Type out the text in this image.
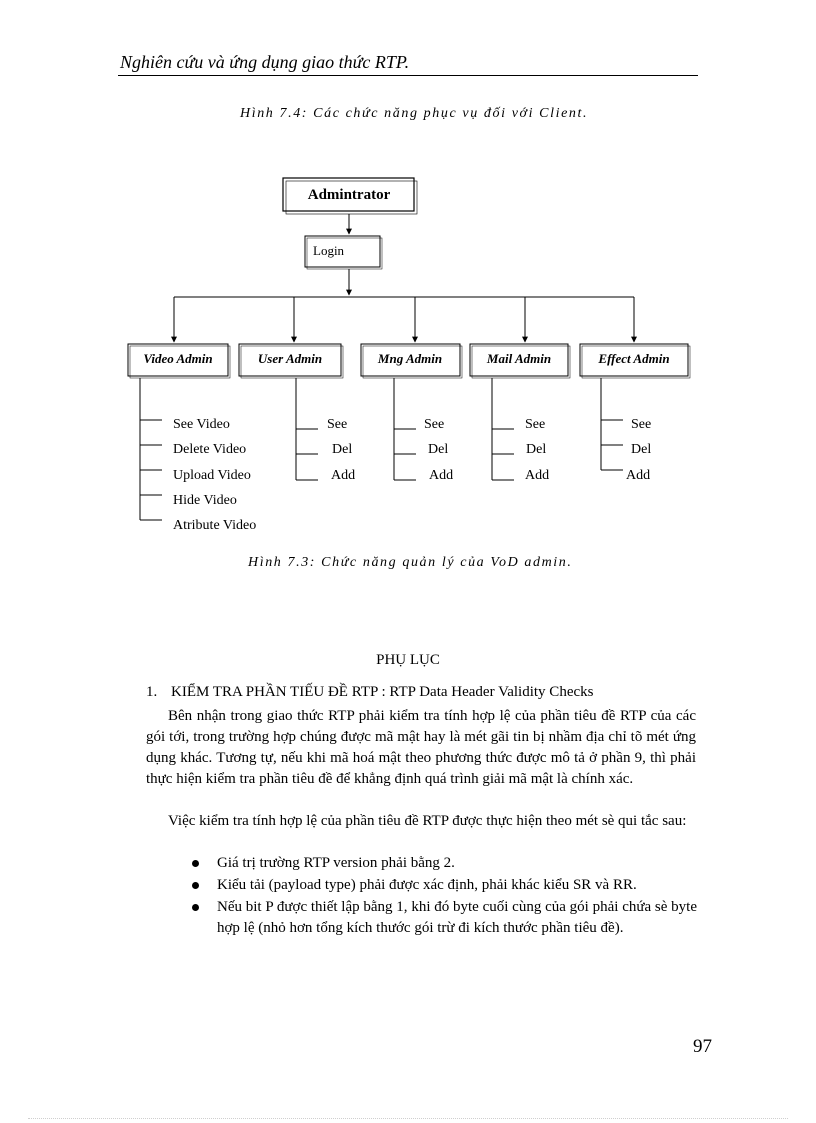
Nghiên cứu và ứng dụng giao thức RTP.
Hình 7.4: Các chức năng phục vụ đối với Client.
Admintrator
Login
Video Admin	User Admin	Mng Admin	Mail Admin	Effect Admin
See Video
Delete Video
Upload Video
Hide Video
Atribute Video
See
Del
Add
See
Del
Add
See
Del
Add
See
Del
Add
Hình 7.3: Chức năng quản lý của VoD admin.
PHỤ LỤC
1. KIỂM TRA PHẦN TIẾU ĐỀ RTP : RTP Data Header Validity Checks
Bên nhận trong giao thức RTP phải kiểm tra tính hợp lệ của phần tiêu đề RTP của các gói tới, trong trường hợp chúng được mã mật hay là mét gãi tin bị nhầm địa chỉ tõ mét ứng dụng khác. Tương tự, nếu khi mã hoá mật theo phương thức được mô tả ở phần 9, thì phải thực hiện kiểm tra phần tiêu đề để khẳng định quá trình giải mã mật là chính xác.
Việc kiểm tra tính hợp lệ của phần tiêu đề RTP được thực hiện theo mét sè qui tắc sau:
Giá trị trường RTP version phải bằng 2.
Kiểu tải (payload type) phải được xác định, phải khác kiểu SR và RR.
Nếu bit P được thiết lập bằng 1, khi đó byte cuối cùng của gói phải chứa sè byte hợp lệ (nhỏ hơn tổng kích thước gói trừ đi kích thước phần tiêu đề).
97
